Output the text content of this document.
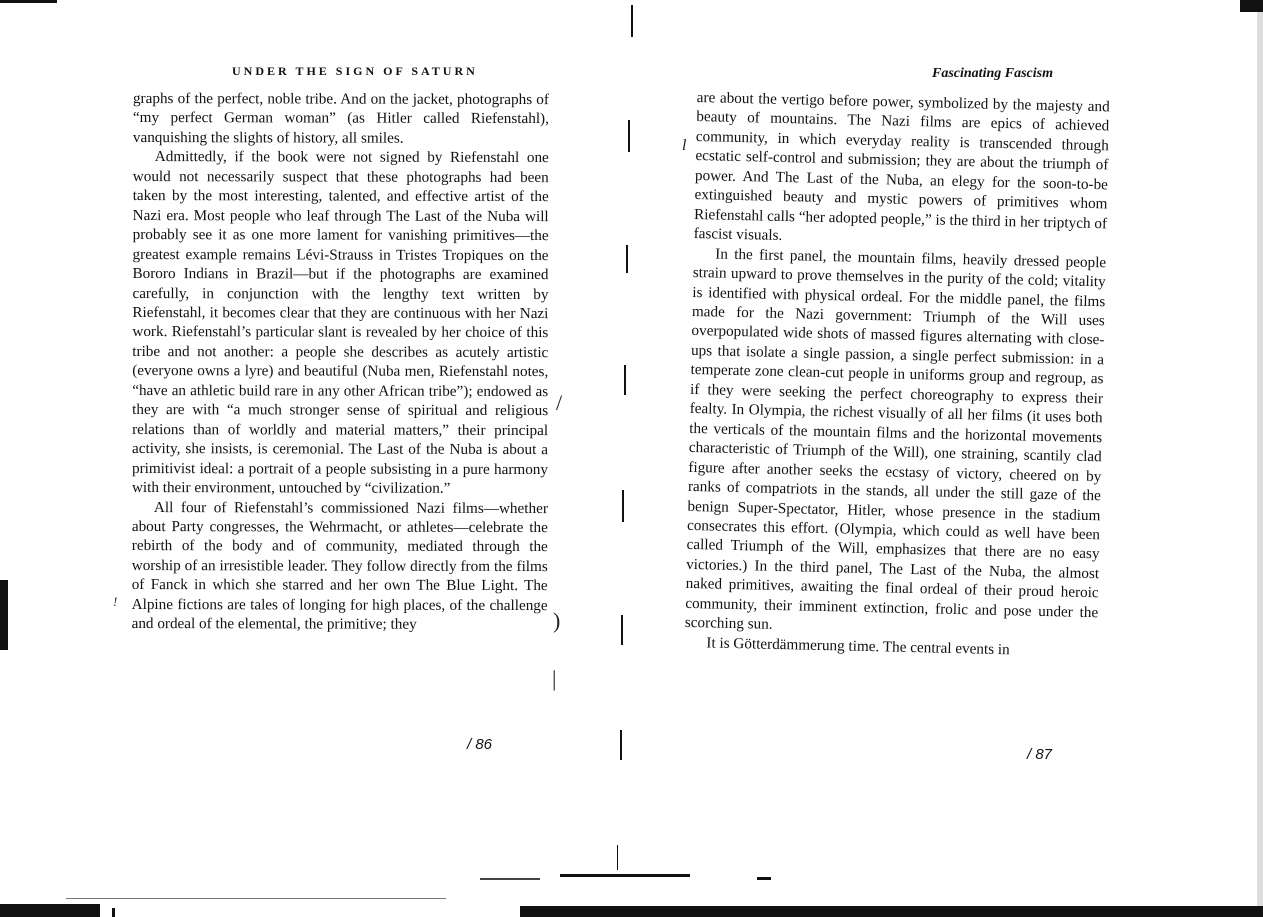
UNDER THE SIGN OF SATURN

graphs of the perfect, noble tribe. And on the jacket, photographs of “my perfect German woman” (as Hitler called Riefenstahl), vanquishing the slights of history, all smiles.

Admittedly, if the book were not signed by Riefenstahl one would not necessarily suspect that these photographs had been taken by the most interesting, talented, and effective artist of the Nazi era. Most people who leaf through The Last of the Nuba will probably see it as one more lament for vanishing primitives—the greatest example remains Lévi-Strauss in Tristes Tropiques on the Bororo Indians in Brazil—but if the photographs are examined carefully, in conjunction with the lengthy text written by Riefenstahl, it becomes clear that they are continuous with her Nazi work. Riefenstahl’s particular slant is revealed by her choice of this tribe and not another: a people she describes as acutely artistic (everyone owns a lyre) and beautiful (Nuba men, Riefenstahl notes, “have an athletic build rare in any other African tribe”); endowed as they are with “a much stronger sense of spiritual and religious relations than of worldly and material matters,” their principal activity, she insists, is ceremonial. The Last of the Nuba is about a primitivist ideal: a portrait of a people subsisting in a pure harmony with their environment, untouched by “civilization.”

All four of Riefenstahl’s commissioned Nazi films—whether about Party congresses, the Wehrmacht, or athletes—celebrate the rebirth of the body and of community, mediated through the worship of an irresistible leader. They follow directly from the films of Fanck in which she starred and her own The Blue Light. The Alpine fictions are tales of longing for high places, of the challenge and ordeal of the elemental, the primitive; they

/ 86
Fascinating Fascism

are about the vertigo before power, symbolized by the majesty and beauty of mountains. The Nazi films are epics of achieved community, in which everyday reality is transcended through ecstatic self-control and submission; they are about the triumph of power. And The Last of the Nuba, an elegy for the soon-to-be extinguished beauty and mystic powers of primitives whom Riefenstahl calls “her adopted people,” is the third in her triptych of fascist visuals.

In the first panel, the mountain films, heavily dressed people strain upward to prove themselves in the purity of the cold; vitality is identified with physical ordeal. For the middle panel, the films made for the Nazi government: Triumph of the Will uses overpopulated wide shots of massed figures alternating with close-ups that isolate a single passion, a single perfect submission: in a temperate zone clean-cut people in uniforms group and regroup, as if they were seeking the perfect choreography to express their fealty. In Olympia, the richest visually of all her films (it uses both the verticals of the mountain films and the horizontal movements characteristic of Triumph of the Will), one straining, scantily clad figure after another seeks the ecstasy of victory, cheered on by ranks of compatriots in the stands, all under the still gaze of the benign Super-Spectator, Hitler, whose presence in the stadium consecrates this effort. (Olympia, which could as well have been called Triumph of the Will, emphasizes that there are no easy victories.) In the third panel, The Last of the Nuba, the almost naked primitives, awaiting the final ordeal of their proud heroic community, their imminent extinction, frolic and pose under the scorching sun.

It is Götterdämmerung time. The central events in

/ 87
l
/
)
|
!
